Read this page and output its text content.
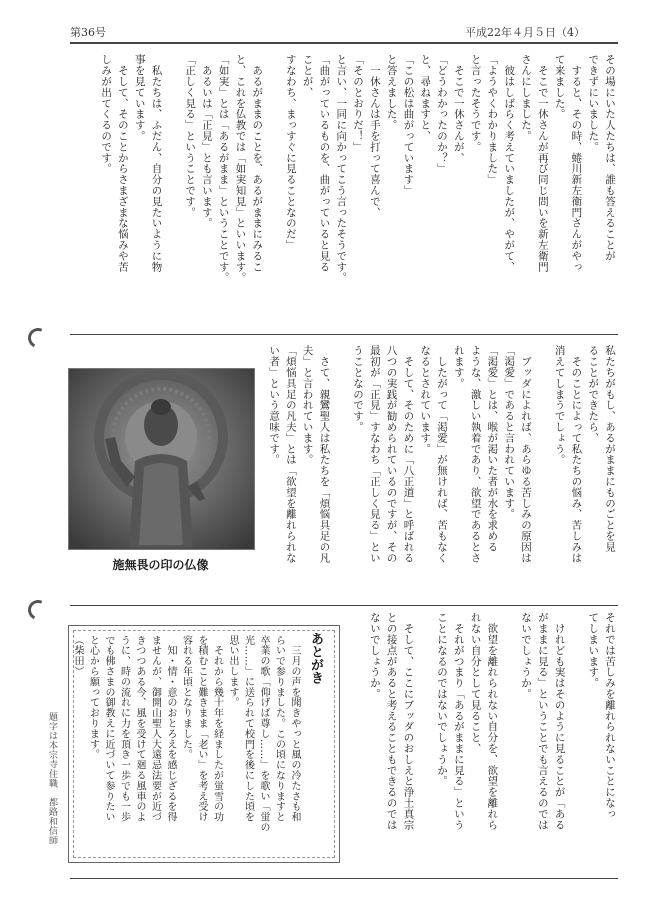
第36号	平成22年４月５日（4）
その場にいた人たちは、誰も答えることが
できずにいました。
　すると、その時、蜷川新左衛門さんがやっ
て来ました。
　そこで一休さんが再び同じ問いを新左衛門
さんにしました。
　彼はしばらく考えていましたが、やがて、
「ようやくわかりました」
と言ったそうです。
　そこで一休さんが、
「どうわかったのか？」
と、尋ねますと、
「この松は曲がっています」
と答えました。
　一休さんは手を打って喜んで、
「そのとおりだ！」
と言い、一同に向かってこう言ったそうです。
「曲がっているものを、曲がっていると見る
ことが、
すなわち、まっすぐに見ることなのだ」

　あるがままのことを、あるがままにみるこ
と、これを仏教では「如実知見」といいます。
「如実」とは「あるがまま」ということです。
　あるいは「正見」とも言います。
「正しく見る」ということです。

　私たちは、ふだん、自分の見たいように物
事を見ています。
　そして、そのことからさまざまな悩みや苦
しみが出てくるのです。
私たちがもし、あるがままにものごとを見
ることができたら、
　そのことによって私たちの悩み、苦しみは
消えてしまうでしょう。

　ブッダによれば、あらゆる苦しみの原因は
「渇愛」であると言われています。
「渇愛」とは、喉が渇いた者が水を求める
ような、激しい執着であり、欲望であるとさ
れます。
　したがって「渇愛」が無ければ、苦もなく
なるとされています。
　そして、そのために「八正道」と呼ばれる
八つの実践が勧められているのですが、その
最初が「正見」すなわち「正しく見る」とい
うことなのです。

　さて、親鸞聖人は私たちを「煩悩具足の凡
夫」と言われています。
「煩悩具足の凡夫」とは「欲望を離れられな
い者」という意味です。
施無畏の印の仏像
それでは苦しみを離れられないことになっ
てしまいます。

　けれども実はそのように見ることが「ある
がままに見る」ということでも言えるのでは
ないでしょうか。

　欲望を離れられない自分を、欲望を離れら
れない自分として見ること、
　それがつまり「あるがままに見る」という
ことになるのではないでしょうか。

　そして、ここにブッダのおしえと浄土真宗
との接点があると考えることもできるのでは
ないでしょうか。
あとがき
　三月の声を聞きやっと風の冷たさも和
らいで参りました。この頃になりますと
卒業の歌「仰げば尊し……」を歌い「蛍の
光……」に送られて校門を後にした頃を
思い出します。
　それから幾十年を経ましたが蛍雪の功
を積むこと難きまま「老い」を考え受け
容れる年頃となりました。
　知・情・意のおとろえを感じざるを得
ませんが、御開山聖人大遠忌法要が近づ
きつつある今、風を受けて廻る風車のよ
うに、時の流れに力を頂き一歩でも一歩
でも佛さまの御教えに近づいて参りたい
と心から願っております。
（柴田）
題字は本宗寺住職　都路和信師
